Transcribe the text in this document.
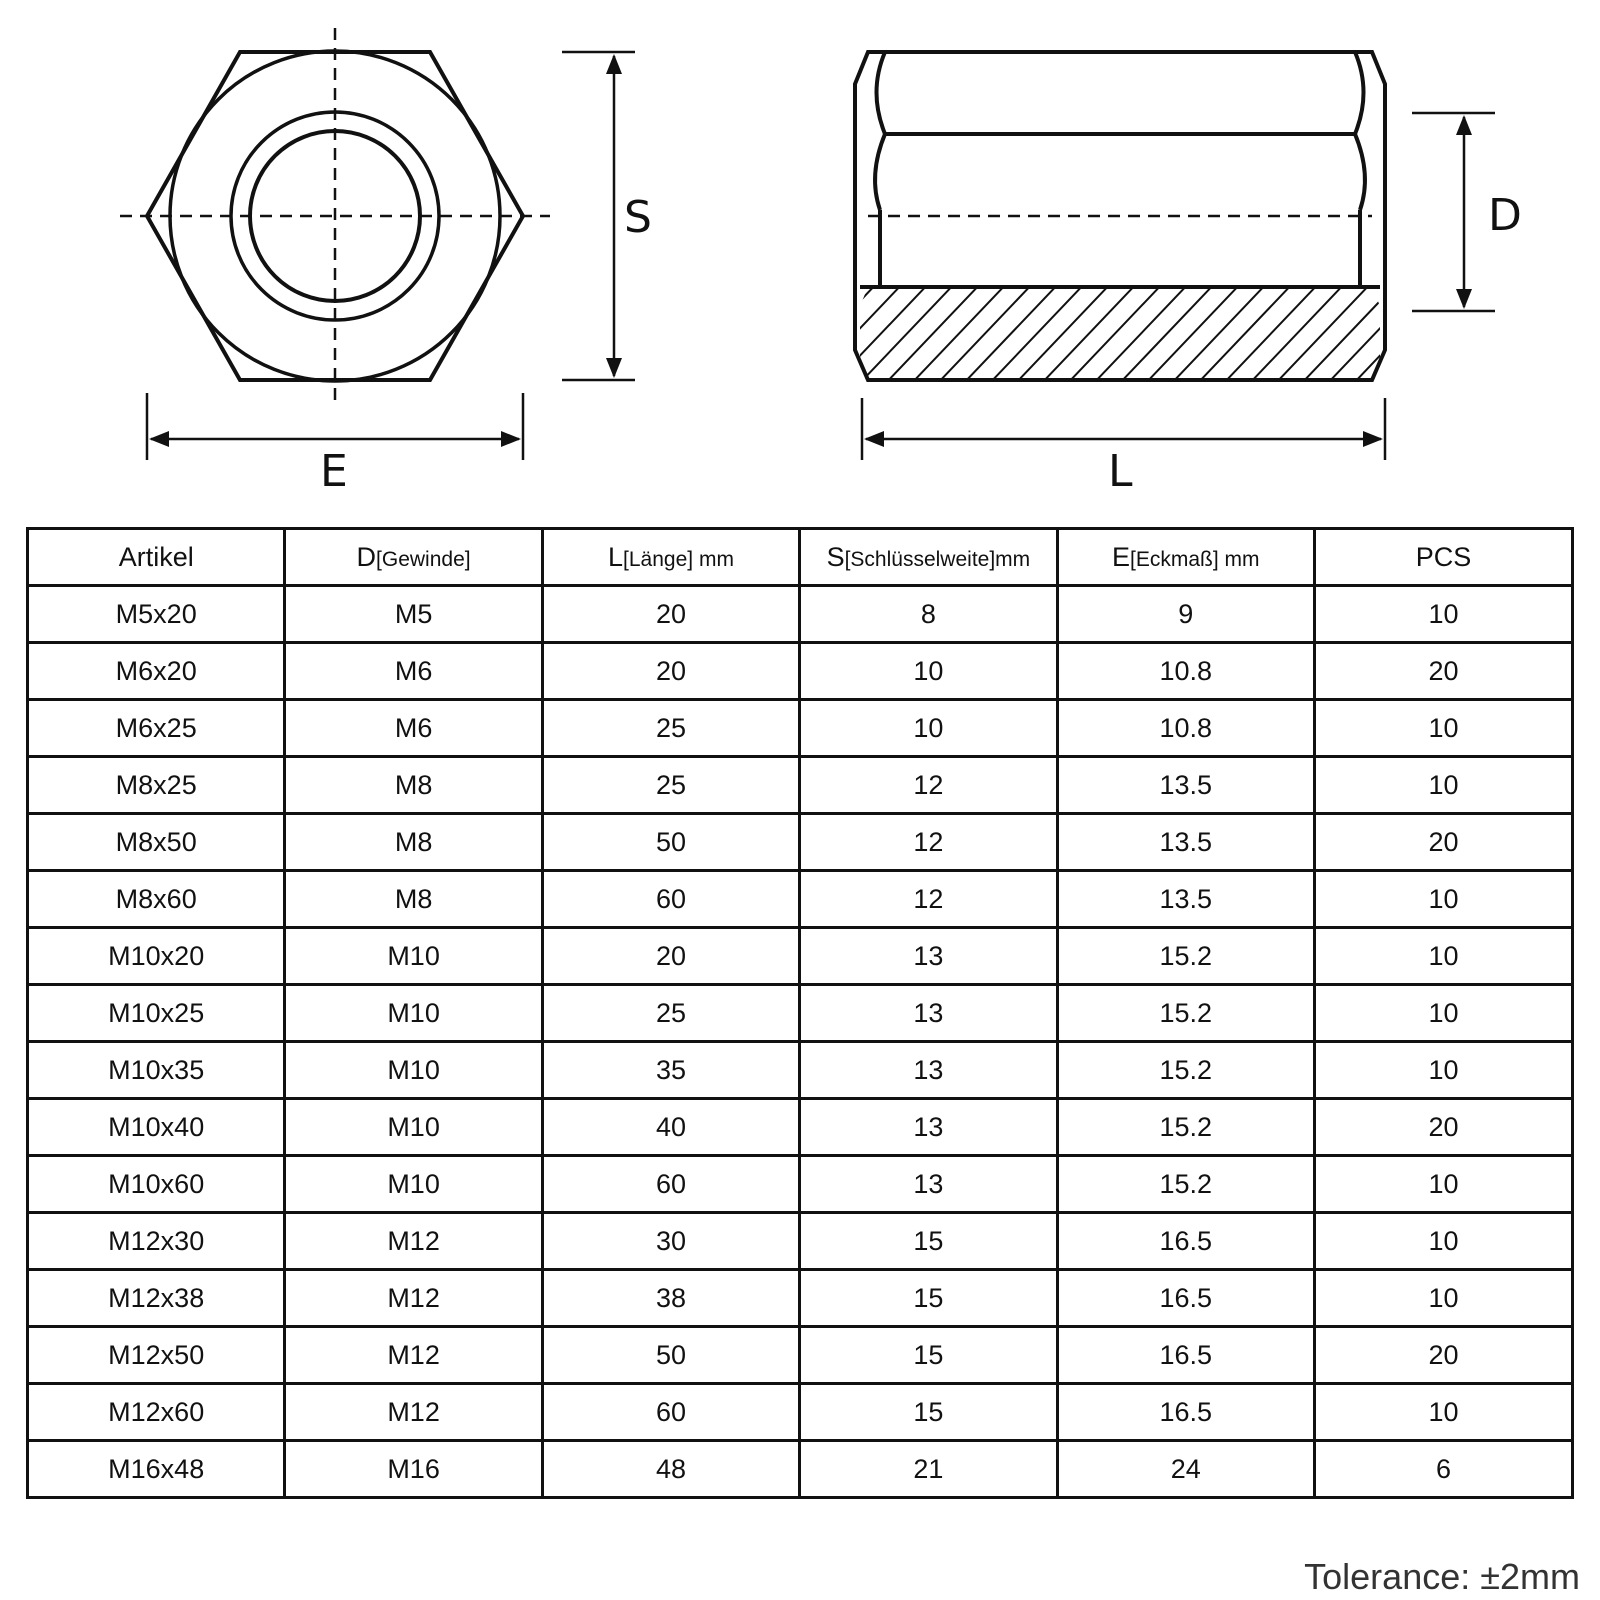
S
E
D
L
Artikel	D[Gewinde]	L[Länge] mm	S[Schlüsselweite]mm	E[Eckmaß] mm	PCS
M5x20	M5	20	8	9	10
M6x20	M6	20	10	10.8	20
M6x25	M6	25	10	10.8	10
M8x25	M8	25	12	13.5	10
M8x50	M8	50	12	13.5	20
M8x60	M8	60	12	13.5	10
M10x20	M10	20	13	15.2	10
M10x25	M10	25	13	15.2	10
M10x35	M10	35	13	15.2	10
M10x40	M10	40	13	15.2	20
M10x60	M10	60	13	15.2	10
M12x30	M12	30	15	16.5	10
M12x38	M12	38	15	16.5	10
M12x50	M12	50	15	16.5	20
M12x60	M12	60	15	16.5	10
M16x48	M16	48	21	24	6
Tolerance: ±2mm
